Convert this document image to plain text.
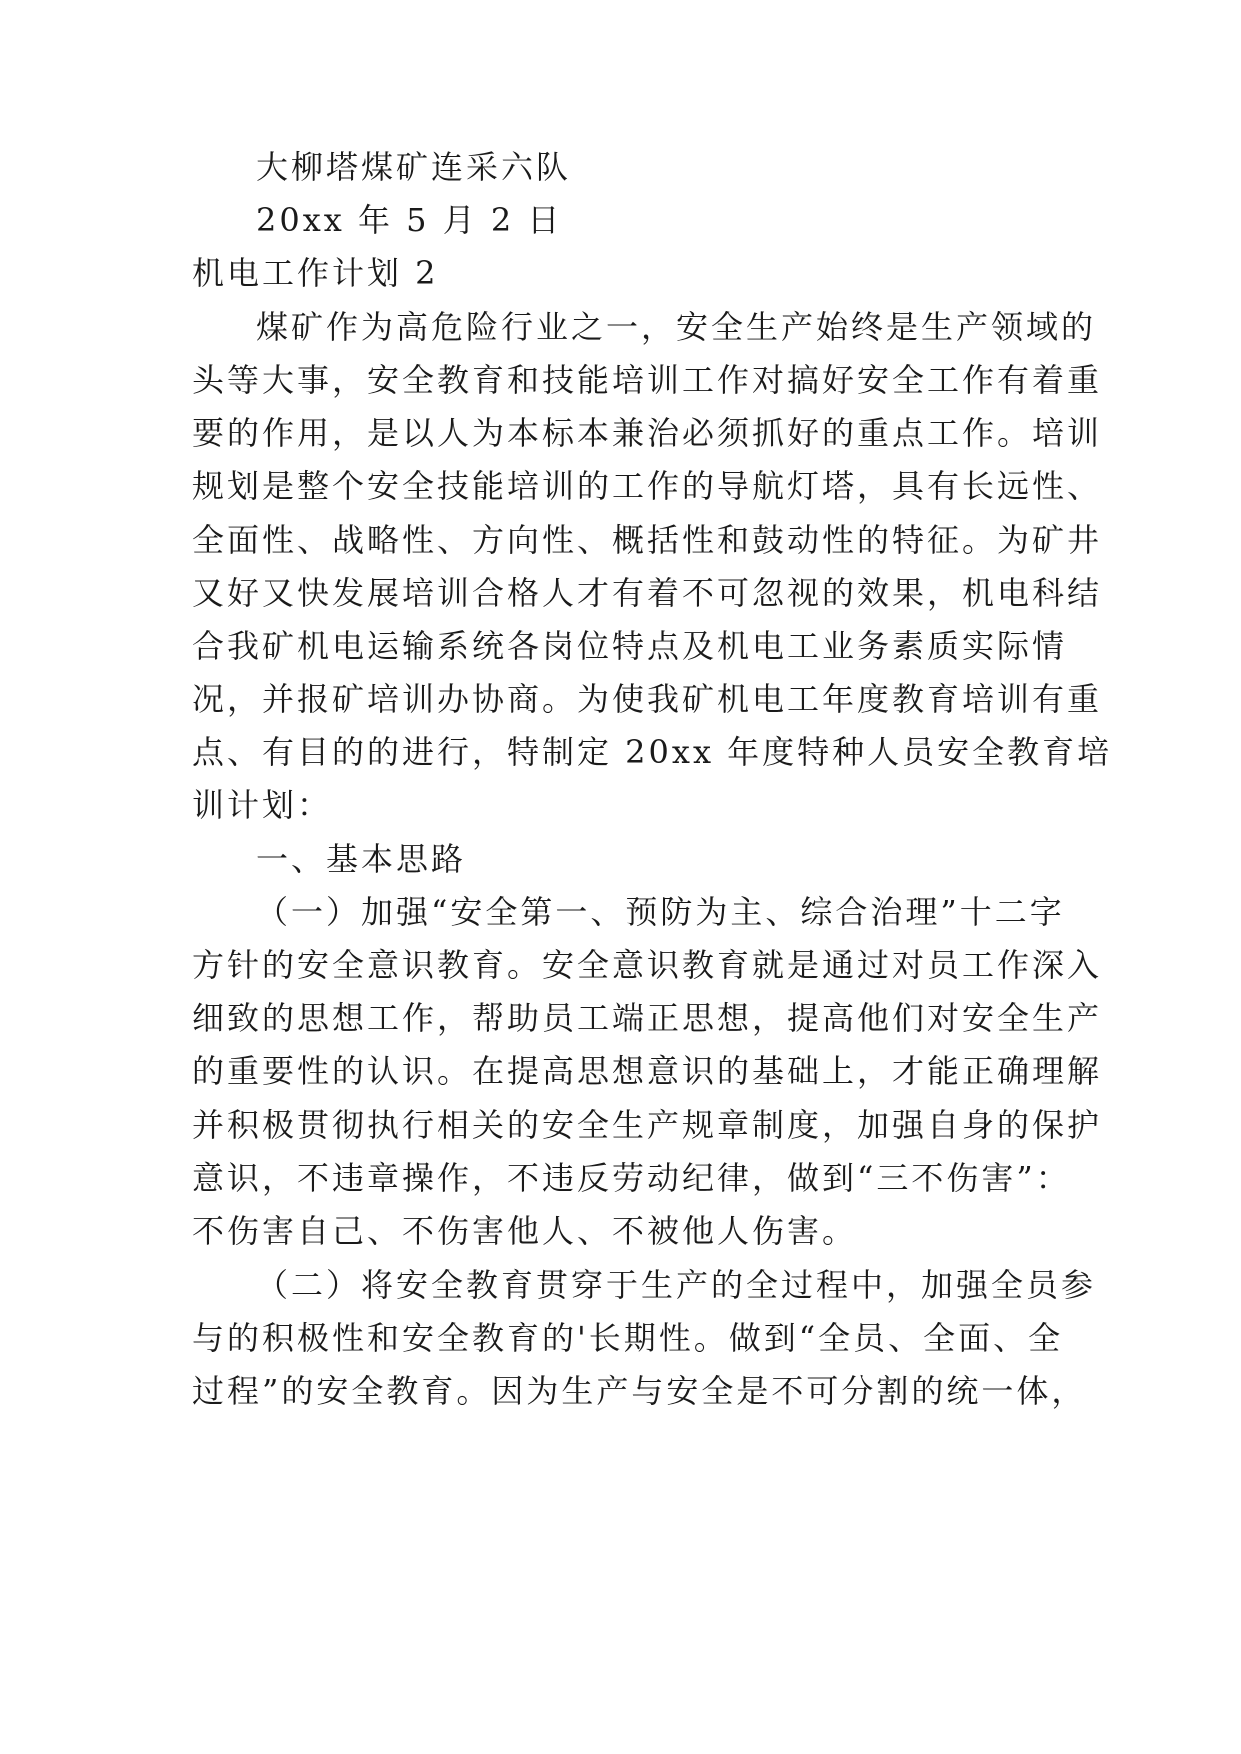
大柳塔煤矿连采六队

20xx 年 5 月 2 日

机电工作计划 2

煤矿作为高危险行业之一，安全生产始终是生产领域的

头等大事，安全教育和技能培训工作对搞好安全工作有着重

要的作用，是以人为本标本兼治必须抓好的重点工作。培训

规划是整个安全技能培训的工作的导航灯塔，具有长远性、

全面性、战略性、方向性、概括性和鼓动性的特征。为矿井

又好又快发展培训合格人才有着不可忽视的效果，机电科结

合我矿机电运输系统各岗位特点及机电工业务素质实际情

况，并报矿培训办协商。为使我矿机电工年度教育培训有重

点、有目的的进行，特制定 20xx 年度特种人员安全教育培

训计划：

一、基本思路

（一）加强“安全第一、预防为主、综合治理”十二字

方针的安全意识教育。安全意识教育就是通过对员工作深入

细致的思想工作，帮助员工端正思想，提高他们对安全生产

的重要性的认识。在提高思想意识的基础上，才能正确理解

并积极贯彻执行相关的安全生产规章制度，加强自身的保护

意识，不违章操作，不违反劳动纪律，做到“三不伤害”：

不伤害自己、不伤害他人、不被他人伤害。

（二）将安全教育贯穿于生产的全过程中，加强全员参

与的积极性和安全教育的'长期性。做到“全员、全面、全

过程”的安全教育。因为生产与安全是不可分割的统一体，
